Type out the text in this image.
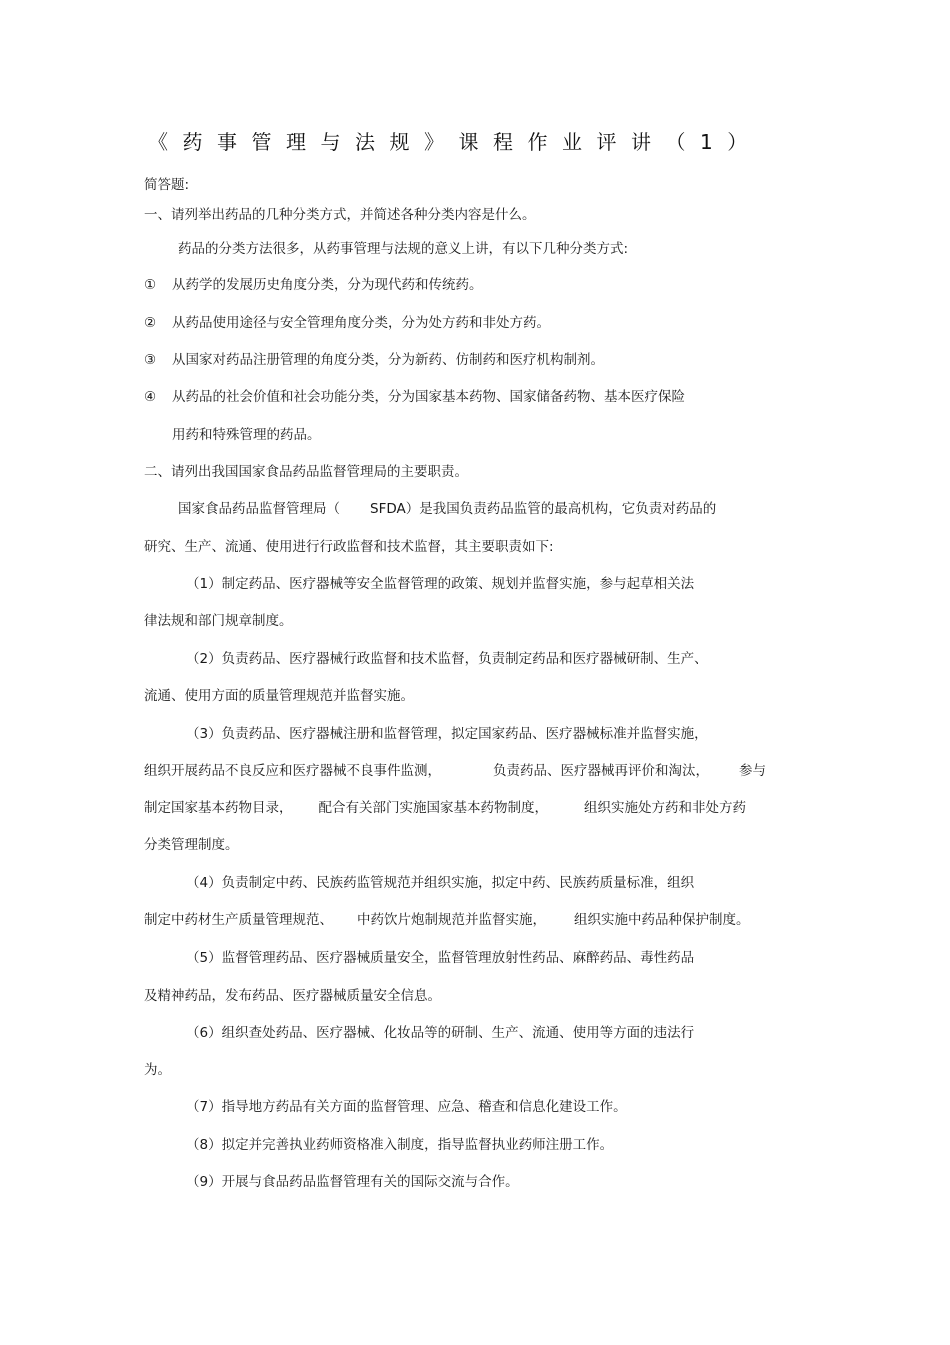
《药事管理与法规》课程作业评讲（1）
简答题:
一、请列举出药品的几种分类方式，并简述各种分类内容是什么。
药品的分类方法很多，从药事管理与法规的意义上讲，有以下几种分类方式:
① 从药学的发展历史角度分类，分为现代药和传统药。
② 从药品使用途径与安全管理角度分类，分为处方药和非处方药。
③ 从国家对药品注册管理的角度分类，分为新药、仿制药和医疗机构制剂。
④ 从药品的社会价值和社会功能分类，分为国家基本药物、国家储备药物、基本医疗保险
用药和特殊管理的药品。
二、请列出我国国家食品药品监督管理局的主要职责。
国家食品药品监督管理局（ SFDA）是我国负责药品监管的最高机构，它负责对药品的
研究、生产、流通、使用进行行政监督和技术监督，其主要职责如下:
（1）制定药品、医疗器械等安全监督管理的政策、规划并监督实施，参与起草相关法
律法规和部门规章制度。
（2）负责药品、医疗器械行政监督和技术监督，负责制定药品和医疗器械研制、生产、
流通、使用方面的质量管理规范并监督实施。
（3）负责药品、医疗器械注册和监督管理，拟定国家药品、医疗器械标准并监督实施，
组织开展药品不良反应和医疗器械不良事件监测，	负责药品、医疗器械再评价和淘汰， 参与
制定国家基本药物目录， 配合有关部门实施国家基本药物制度，	组织实施处方药和非处方药
分类管理制度。
（4）负责制定中药、民族药监管规范并组织实施，拟定中药、民族药质量标准，组织
制定中药材生产质量管理规范、 中药饮片炮制规范并监督实施， 组织实施中药品种保护制度。
（5）监督管理药品、医疗器械质量安全，监督管理放射性药品、麻醉药品、毒性药品
及精神药品，发布药品、医疗器械质量安全信息。
（6）组织查处药品、医疗器械、化妆品等的研制、生产、流通、使用等方面的违法行
为。
（7）指导地方药品有关方面的监督管理、应急、稽查和信息化建设工作。
（8）拟定并完善执业药师资格准入制度，指导监督执业药师注册工作。
（9）开展与食品药品监督管理有关的国际交流与合作。
